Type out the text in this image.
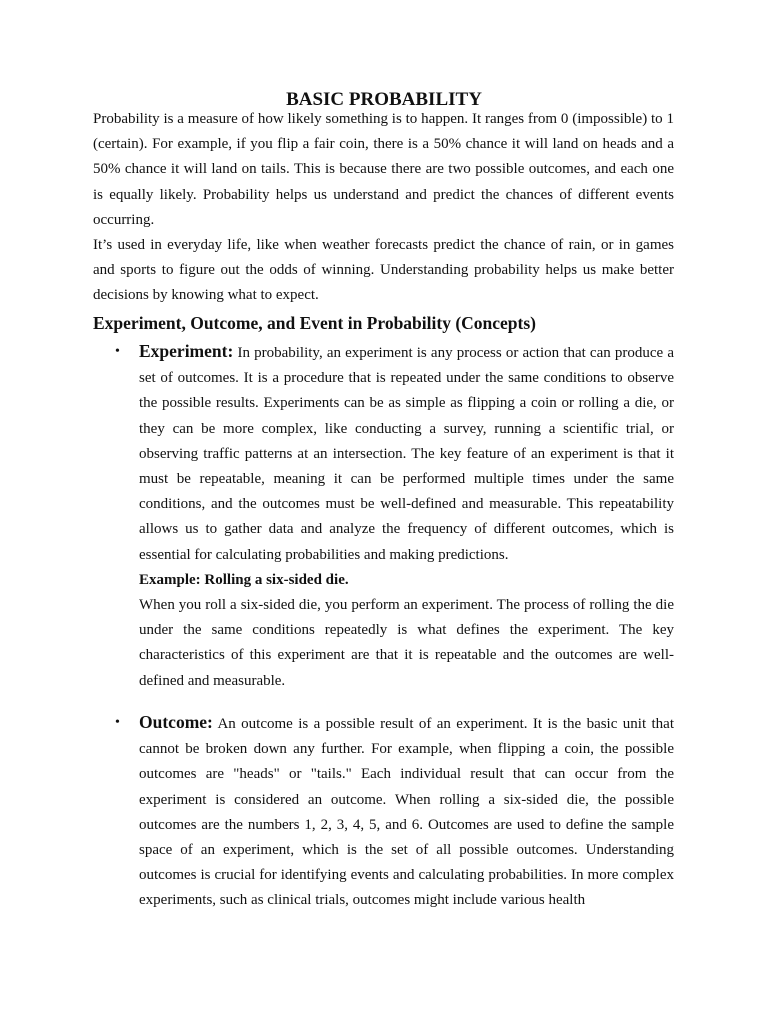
BASIC PROBABILITY

Probability is a measure of how likely something is to happen. It ranges from 0 (impossible) to 1 (certain). For example, if you flip a fair coin, there is a 50% chance it will land on heads and a 50% chance it will land on tails. This is because there are two possible outcomes, and each one is equally likely. Probability helps us understand and predict the chances of different events occurring.

It’s used in everyday life, like when weather forecasts predict the chance of rain, or in games and sports to figure out the odds of winning. Understanding probability helps us make better decisions by knowing what to expect.

Experiment, Outcome, and Event in Probability (Concepts)
• Experiment: In probability, an experiment is any process or action that can produce a set of outcomes. It is a procedure that is repeated under the same conditions to observe the possible results. Experiments can be as simple as flipping a coin or rolling a die, or they can be more complex, like conducting a survey, running a scientific trial, or observing traffic patterns at an intersection. The key feature of an experiment is that it must be repeatable, meaning it can be performed multiple times under the same conditions, and the outcomes must be well-defined and measurable. This repeatability allows us to gather data and analyze the frequency of different outcomes, which is essential for calculating probabilities and making predictions.

Example: Rolling a six-sided die.

When you roll a six-sided die, you perform an experiment. The process of rolling the die under the same conditions repeatedly is what defines the experiment. The key characteristics of this experiment are that it is repeatable and the outcomes are well-defined and measurable.

• Outcome: An outcome is a possible result of an experiment. It is the basic unit that cannot be broken down any further. For example, when flipping a coin, the possible outcomes are "heads" or "tails." Each individual result that can occur from the experiment is considered an outcome. When rolling a six-sided die, the possible outcomes are the numbers 1, 2, 3, 4, 5, and 6. Outcomes are used to define the sample space of an experiment, which is the set of all possible outcomes. Understanding outcomes is crucial for identifying events and calculating probabilities. In more complex experiments, such as clinical trials, outcomes might include various health
